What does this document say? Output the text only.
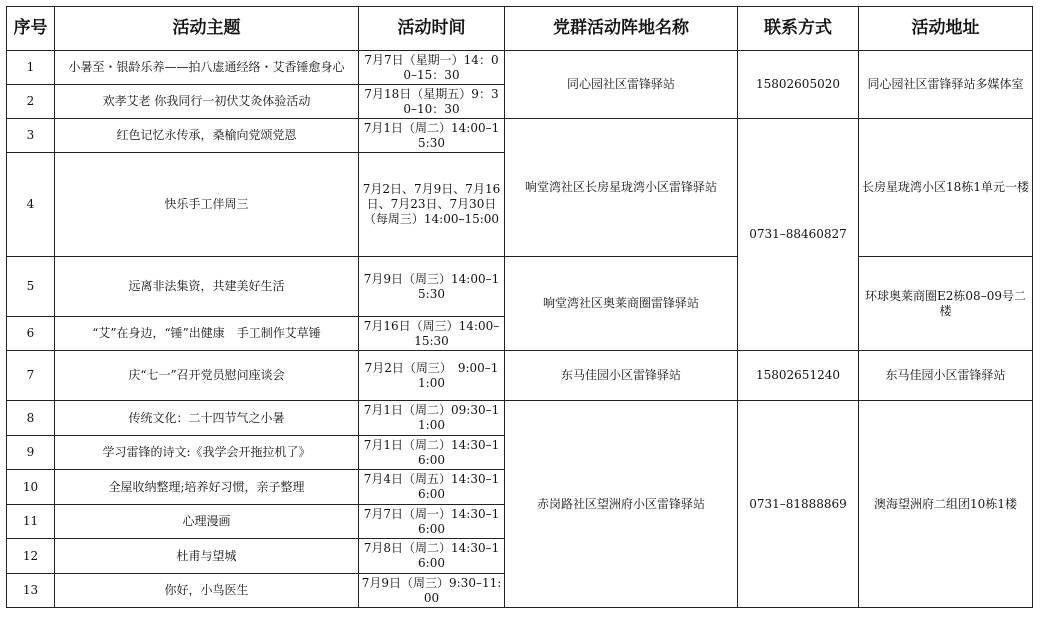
序号	活动主题	活动时间	党群活动阵地名称	联系方式	活动地址
1	小暑至・银龄乐养——拍八虚通经络・艾香锤愈身心	7月7日（星期一）14：00–15：30	同心园社区雷锋驿站	15802605020	同心园社区雷锋驿站多媒体室
2	欢孝艾老 你我同行一初伏艾灸体验活动	7月18日（星期五）9：30–10：30			
3	红色记忆永传承，桑榆向党颂党恩	7月1日（周二）14:00–15:30	响堂湾社区长房星珑湾小区雷锋驿站	0731–88460827	长房星珑湾小区18栋1单元一楼
4	快乐手工伴周三	7月2日、7月9日、7月16日、7月23日、7月30日（每周三）14:00–15:00			
5	远离非法集资，共建美好生活	7月9日（周三）14:00–15:30	响堂湾社区奥莱商圈雷锋驿站		环球奥莱商圈E2栋08–09号二楼
6	“艾”在身边，“锤”出健康　手工制作艾草锤	7月16日（周三）14:00–15:30			
7	庆“七一”召开党员慰问座谈会	7月2日（周三）　9:00–11:00	东马佳园小区雷锋驿站	15802651240	东马佳园小区雷锋驿站
8	传统文化：二十四节气之小暑	7月1日（周二）09:30–11:00	赤岗路社区望洲府小区雷锋驿站	0731–81888869	澳海望洲府二组团10栋1楼
9	学习雷锋的诗文:《我学会开拖拉机了》	7月1日（周二）14:30–16:00			
10	全屋收纳整理;培养好习惯，亲子整理	7月4日（周五）14:30–16:00			
11	心理漫画	7月7日（周一）14:30–16:00			
12	杜甫与望城	7月8日（周二）14:30–16:00			
13	你好，小鸟医生	7月9日（周三）9:30–11:00			
